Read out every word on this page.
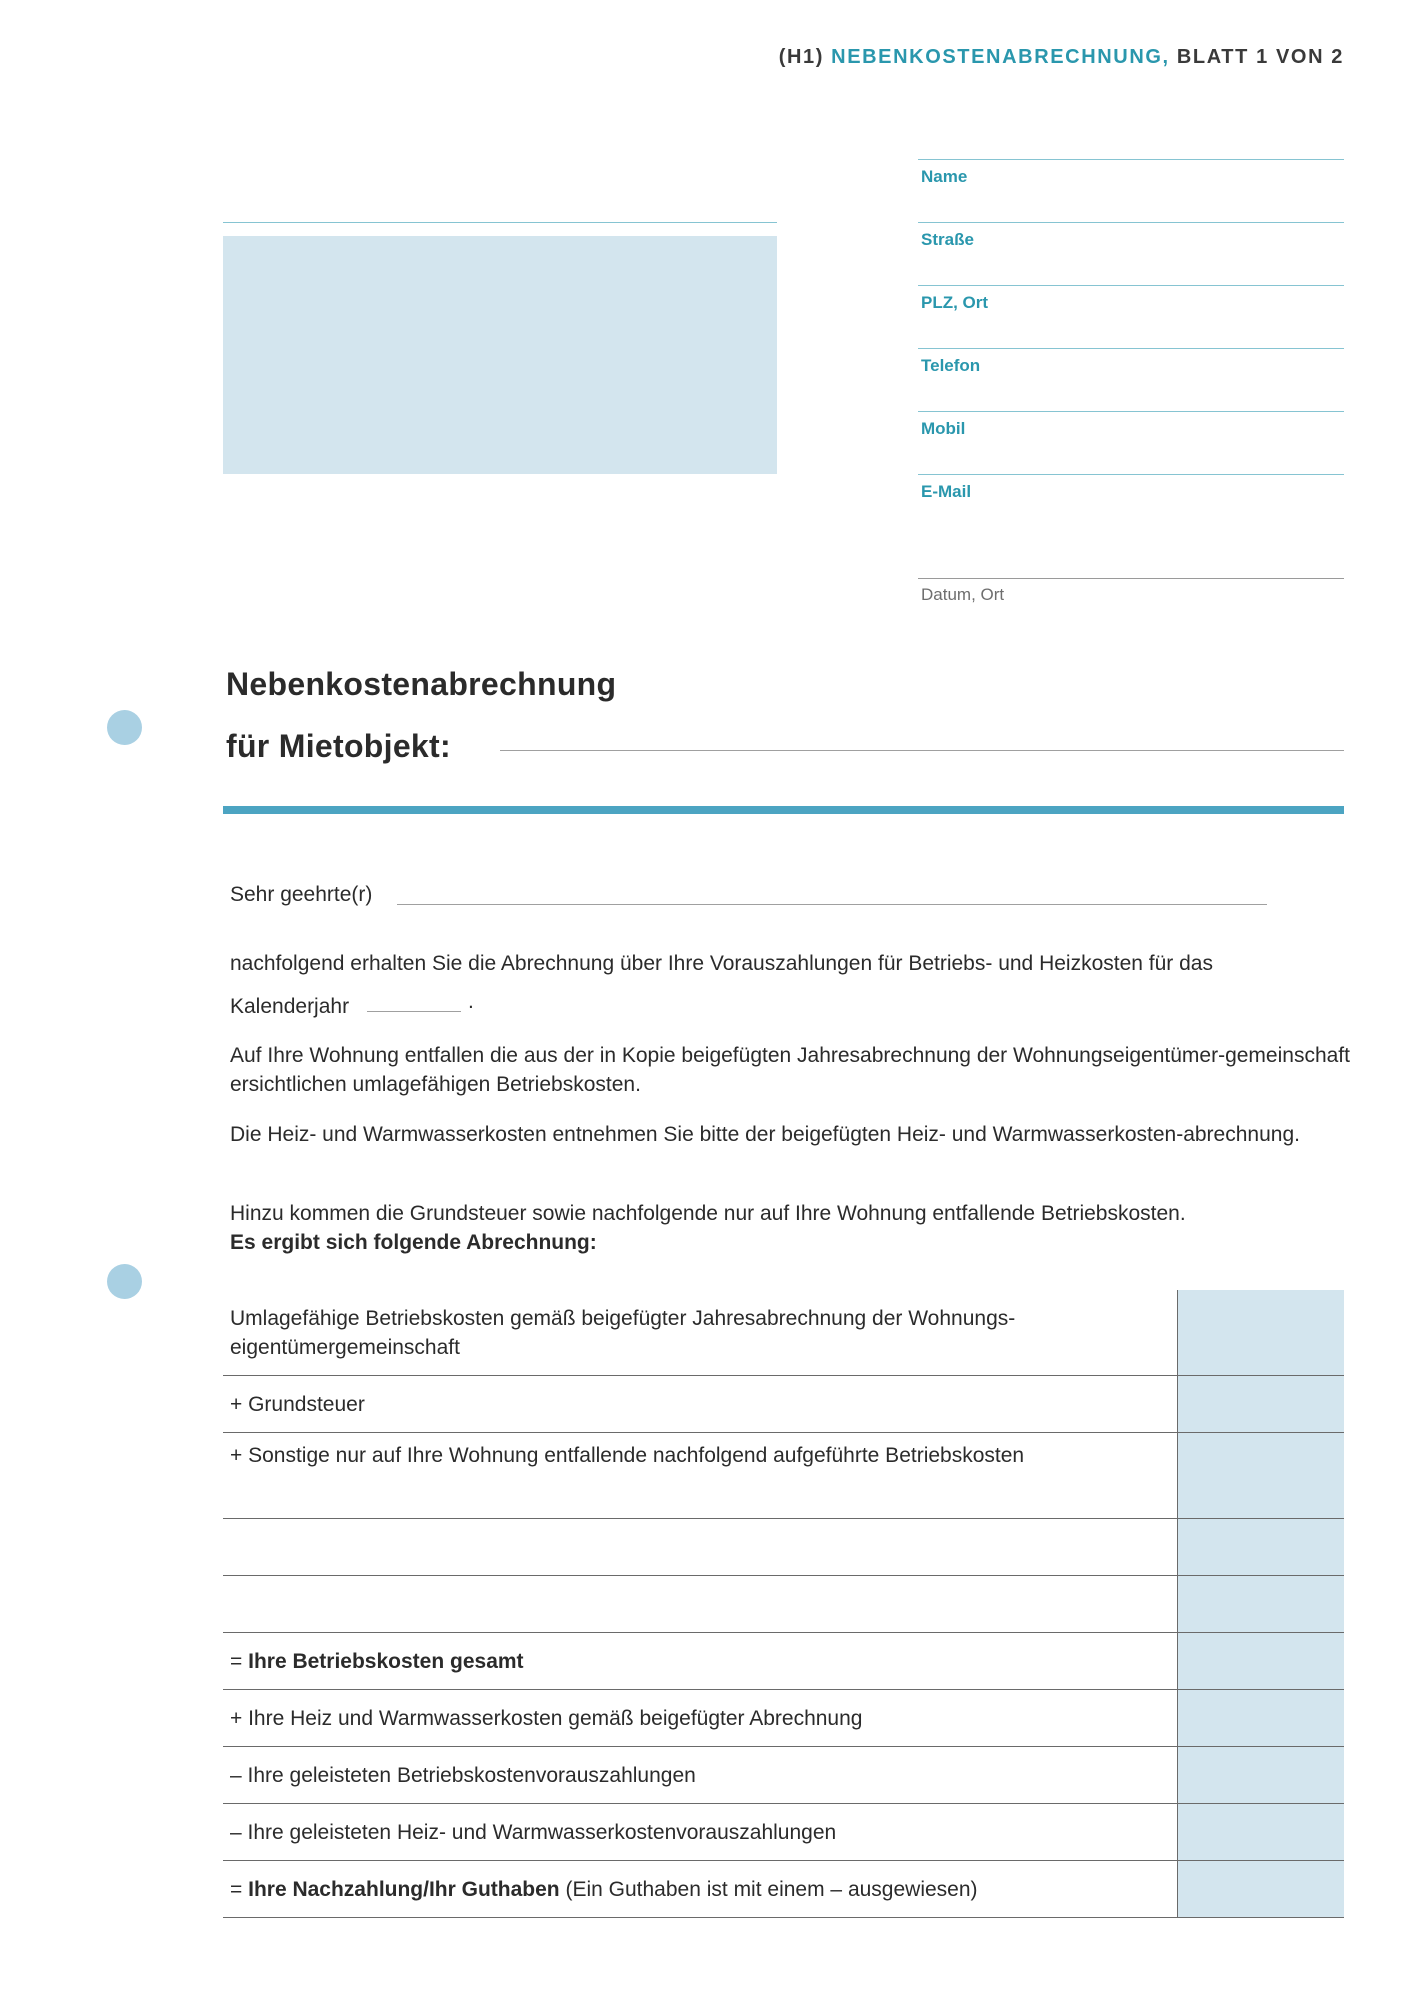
(H1) NEBENKOSTENABRECHNUNG, BLATT 1 VON 2
Name
Straße
PLZ, Ort
Telefon
Mobil
E-Mail
Datum, Ort
Nebenkostenabrechnung
für Mietobjekt:
Sehr geehrte(r)
nachfolgend erhalten Sie die Abrechnung über Ihre Vorauszahlungen für Betriebs- und Heizkosten für das
Kalenderjahr	.
Auf Ihre Wohnung entfallen die aus der in Kopie beigefügten Jahresabrechnung der Wohnungseigentümer-gemeinschaft ersichtlichen umlagefähigen Betriebskosten.
Die Heiz- und Warmwasserkosten entnehmen Sie bitte der beigefügten Heiz- und Warmwasserkosten-abrechnung.
Hinzu kommen die Grundsteuer sowie nachfolgende nur auf Ihre Wohnung entfallende Betriebskosten.
Es ergibt sich folgende Abrechnung:
Umlagefähige Betriebskosten gemäß beigefügter Jahresabrechnung der Wohnungs-eigentümergemeinschaft
+ Grundsteuer
+ Sonstige nur auf Ihre Wohnung entfallende nachfolgend aufgeführte Betriebskosten
= Ihre Betriebskosten gesamt
+ Ihre Heiz und Warmwasserkosten gemäß beigefügter Abrechnung
– Ihre geleisteten Betriebskostenvorauszahlungen
– Ihre geleisteten Heiz- und Warmwasserkostenvorauszahlungen
= Ihre Nachzahlung/Ihr Guthaben (Ein Guthaben ist mit einem – ausgewiesen)
